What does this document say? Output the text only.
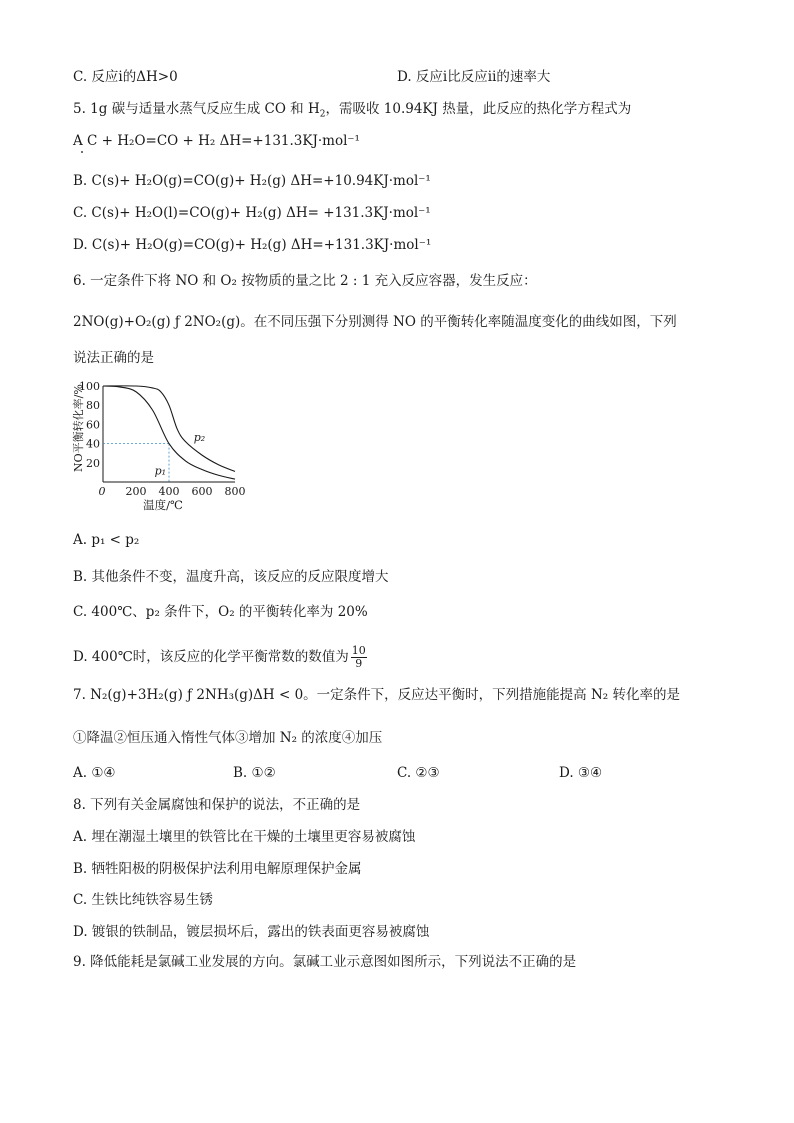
C. 反应ⅰ的ΔH>0	D. 反应ⅰ比反应ⅱ的速率大
5. 1g 碳与适量水蒸气反应生成 CO 和 $H_2$，需吸收 10.94KJ 热量，此反应的热化学方程式为
A C + H₂O=CO + H₂ ΔH=+131.3KJ·mol⁻¹
B. C(s)+ H₂O(g)=CO(g)+ H₂(g) ΔH=+10.94KJ·mol⁻¹
C. C(s)+ H₂O(l)=CO(g)+ H₂(g) ΔH= +131.3KJ·mol⁻¹
D. C(s)+ H₂O(g)=CO(g)+ H₂(g) ΔH=+131.3KJ·mol⁻¹
6. 一定条件下将 NO 和 O₂ 按物质的量之比 2 : 1 充入反应容器，发生反应：
2NO(g)+O₂(g) ƒ 2NO₂(g)。在不同压强下分别测得 NO 的平衡转化率随温度变化的曲线如图，下列
说法正确的是
NO平衡转化率/% 20
40
60
80
100
0 200 400 600 800
p₁
p₂
温度/℃
A. p₁ < p₂
B. 其他条件不变，温度升高，该反应的反应限度增大
C. 400℃、p₂ 条件下，O₂ 的平衡转化率为 20%
D. 400℃时，该反应的化学平衡常数的数值为 $\frac{10}{9}$
7. N₂(g)+3H₂(g) ƒ 2NH₃(g)ΔH < 0。一定条件下，反应达平衡时，下列措施能提高 N₂ 转化率的是
①降温②恒压通入惰性气体③增加 N₂ 的浓度④加压
A. ①④	B. ①②	C. ②③	D. ③④
8. 下列有关金属腐蚀和保护的说法，不正确的是
A. 埋在潮湿土壤里的铁管比在干燥的土壤里更容易被腐蚀
B. 牺牲阳极的阴极保护法利用电解原理保护金属
C. 生铁比纯铁容易生锈
D. 镀银的铁制品，镀层损坏后，露出的铁表面更容易被腐蚀
9. 降低能耗是氯碱工业发展的方向。氯碱工业示意图如图所示，下列说法不正确的是
